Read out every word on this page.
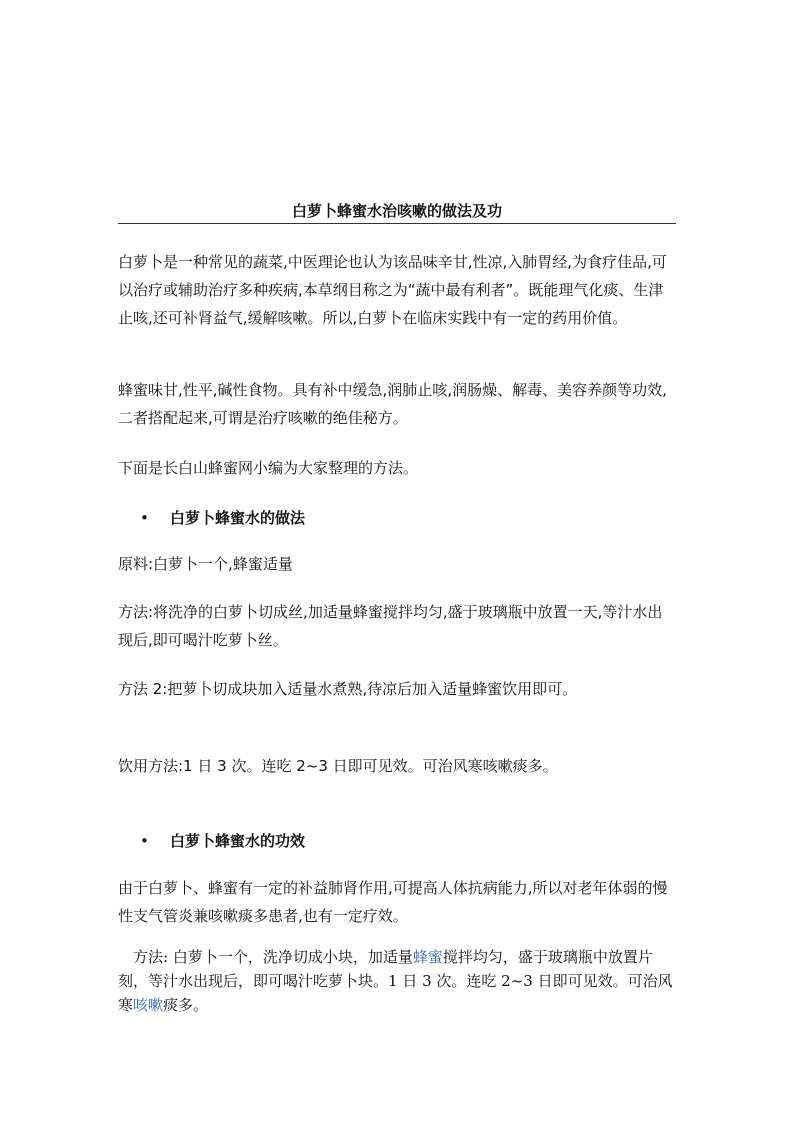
白萝卜蜂蜜水治咳嗽的做法及功

白萝卜是一种常见的蔬菜,中医理论也认为该品味辛甘,性凉,入肺胃经,为食疗佳品,可以治疗或辅助治疗多种疾病,本草纲目称之为“蔬中最有利者”。既能理气化痰、生津止咳,还可补肾益气,缓解咳嗽。所以,白萝卜在临床实践中有一定的药用价值。

蜂蜜味甘,性平,碱性食物。具有补中缓急,润肺止咳,润肠燥、解毒、美容养颜等功效,二者搭配起来,可谓是治疗咳嗽的绝佳秘方。

下面是长白山蜂蜜网小编为大家整理的方法。

• 白萝卜蜂蜜水的做法

原料:白萝卜一个,蜂蜜适量

方法:将洗净的白萝卜切成丝,加适量蜂蜜搅拌均匀,盛于玻璃瓶中放置一天,等汁水出现后,即可喝汁吃萝卜丝。

方法 2:把萝卜切成块加入适量水煮熟,待凉后加入适量蜂蜜饮用即可。

饮用方法:1 日 3 次。连吃 2~3 日即可见效。可治风寒咳嗽痰多。

• 白萝卜蜂蜜水的功效

由于白萝卜、蜂蜜有一定的补益肺肾作用,可提高人体抗病能力,所以对老年体弱的慢性支气管炎兼咳嗽痰多患者,也有一定疗效。

方法: 白萝卜一个，洗净切成小块，加适量蜂蜜搅拌均匀，盛于玻璃瓶中放置片刻，等汁水出现后，即可喝汁吃萝卜块。1 日 3 次。连吃 2~3 日即可见效。可治风寒咳嗽痰多。
